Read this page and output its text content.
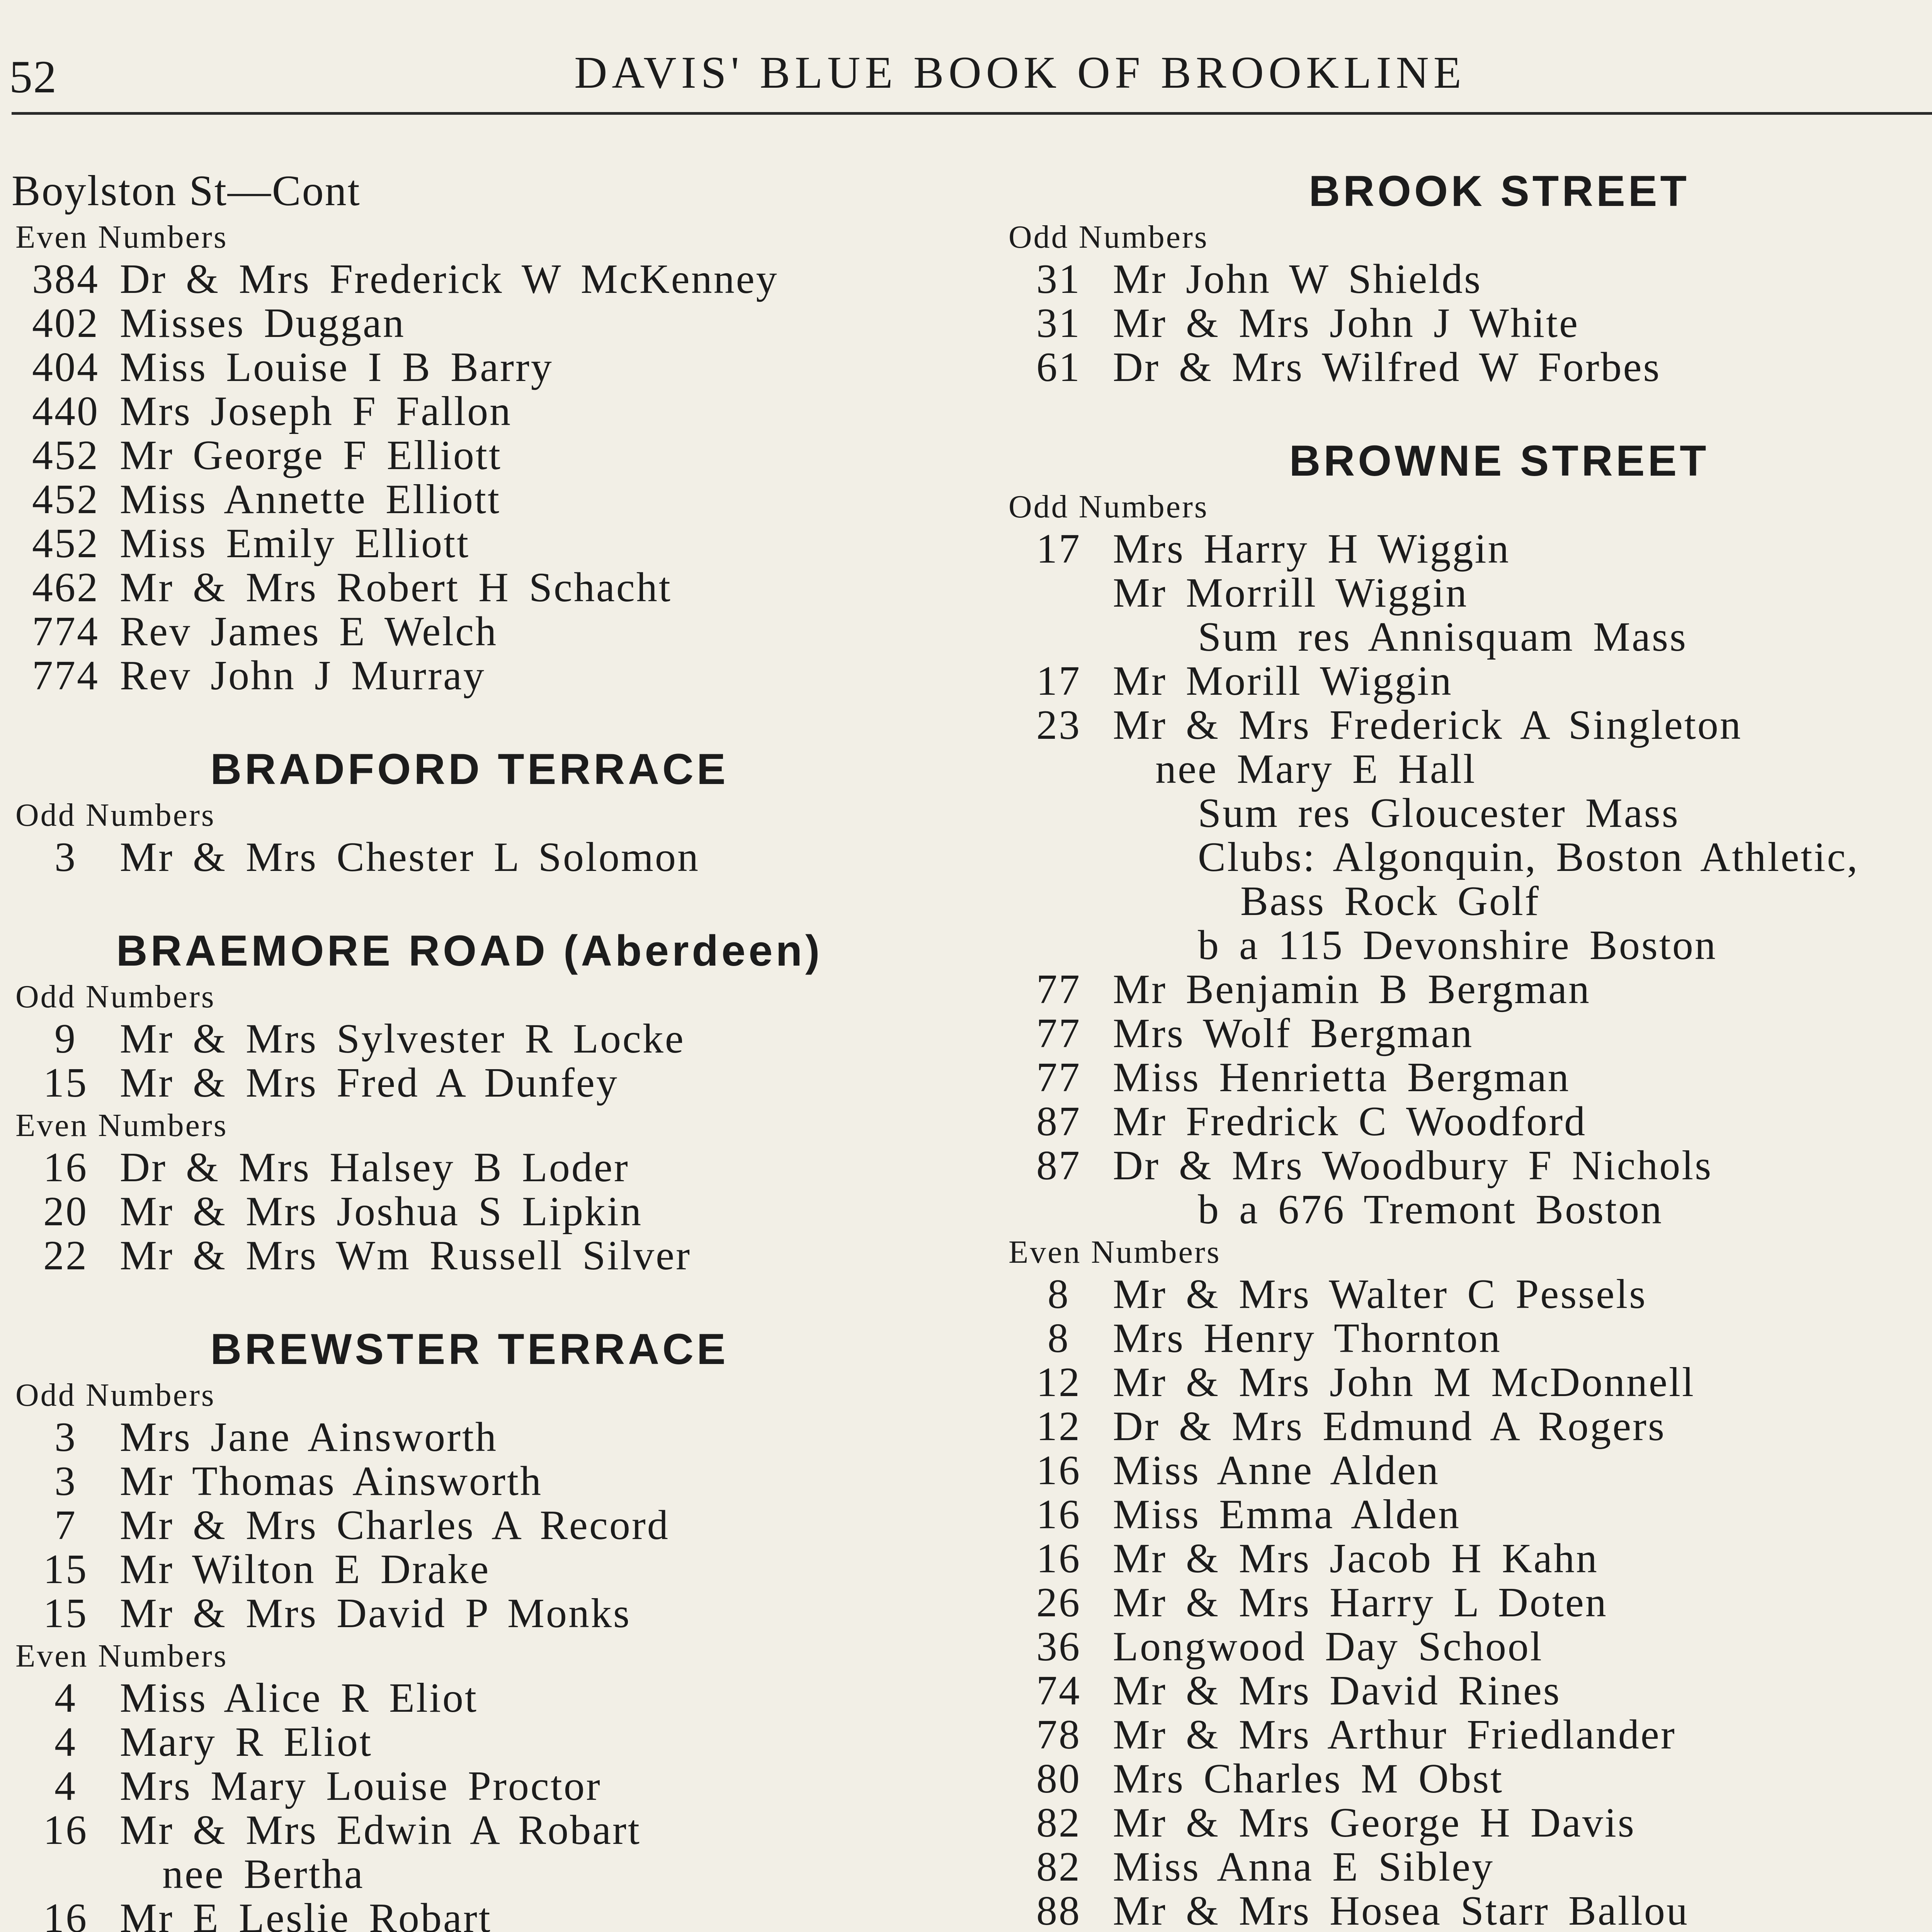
52	DAVIS' BLUE BOOK OF BROOKLINE
Boylston St—Cont
Even Numbers
384 Dr & Mrs Frederick W McKenney
402 Misses Duggan
404 Miss Louise I B Barry
440 Mrs Joseph F Fallon
452 Mr George F Elliott
452 Miss Annette Elliott
452 Miss Emily Elliott
462 Mr & Mrs Robert H Schacht
774 Rev James E Welch
774 Rev John J Murray
BRADFORD TERRACE
Odd Numbers
3	Mr & Mrs Chester L Solomon
BRAEMORE ROAD (Aberdeen)
Odd Numbers
9	Mr & Mrs Sylvester R Locke
15 Mr & Mrs Fred A Dunfey
Even Numbers
16 Dr & Mrs Halsey B Loder
20 Mr & Mrs Joshua S Lipkin
22 Mr & Mrs Wm Russell Silver
BREWSTER TERRACE
Odd Numbers
3	Mrs Jane Ainsworth
3	Mr Thomas Ainsworth
7	Mr & Mrs Charles A Record
15 Mr Wilton E Drake
15 Mr & Mrs David P Monks
Even Numbers
4	Miss Alice R Eliot
4	Mary R Eliot
4	Mrs Mary Louise Proctor
16 Mr & Mrs Edwin A Robart
nee Bertha
16 Mr E Leslie Robart
BROOK STREET
Odd Numbers
31 Mr John W Shields
31 Mr & Mrs John J White
61 Dr & Mrs Wilfred W Forbes
BROWNE STREET
Odd Numbers
17 Mrs Harry H Wiggin
Mr Morrill Wiggin
Sum res Annisquam Mass
17 Mr Morill Wiggin
23 Mr & Mrs Frederick A Singleton
nee Mary E Hall
Sum res Gloucester Mass
Clubs: Algonquin, Boston Athletic,
Bass Rock Golf
b a 115 Devonshire Boston
77 Mr Benjamin B Bergman
77 Mrs Wolf Bergman
77 Miss Henrietta Bergman
87 Mr Fredrick C Woodford
87 Dr & Mrs Woodbury F Nichols
b a 676 Tremont Boston
Even Numbers
8	Mr & Mrs Walter C Pessels
8	Mrs Henry Thornton
12 Mr & Mrs John M McDonnell
12 Dr & Mrs Edmund A Rogers
16 Miss Anne Alden
16 Miss Emma Alden
16 Mr & Mrs Jacob H Kahn
26 Mr & Mrs Harry L Doten
36 Longwood Day School
74 Mr & Mrs David Rines
78 Mr & Mrs Arthur Friedlander
80 Mrs Charles M Obst
82 Mr & Mrs George H Davis
82 Miss Anna E Sibley
88 Mr & Mrs Hosea Starr Ballou
